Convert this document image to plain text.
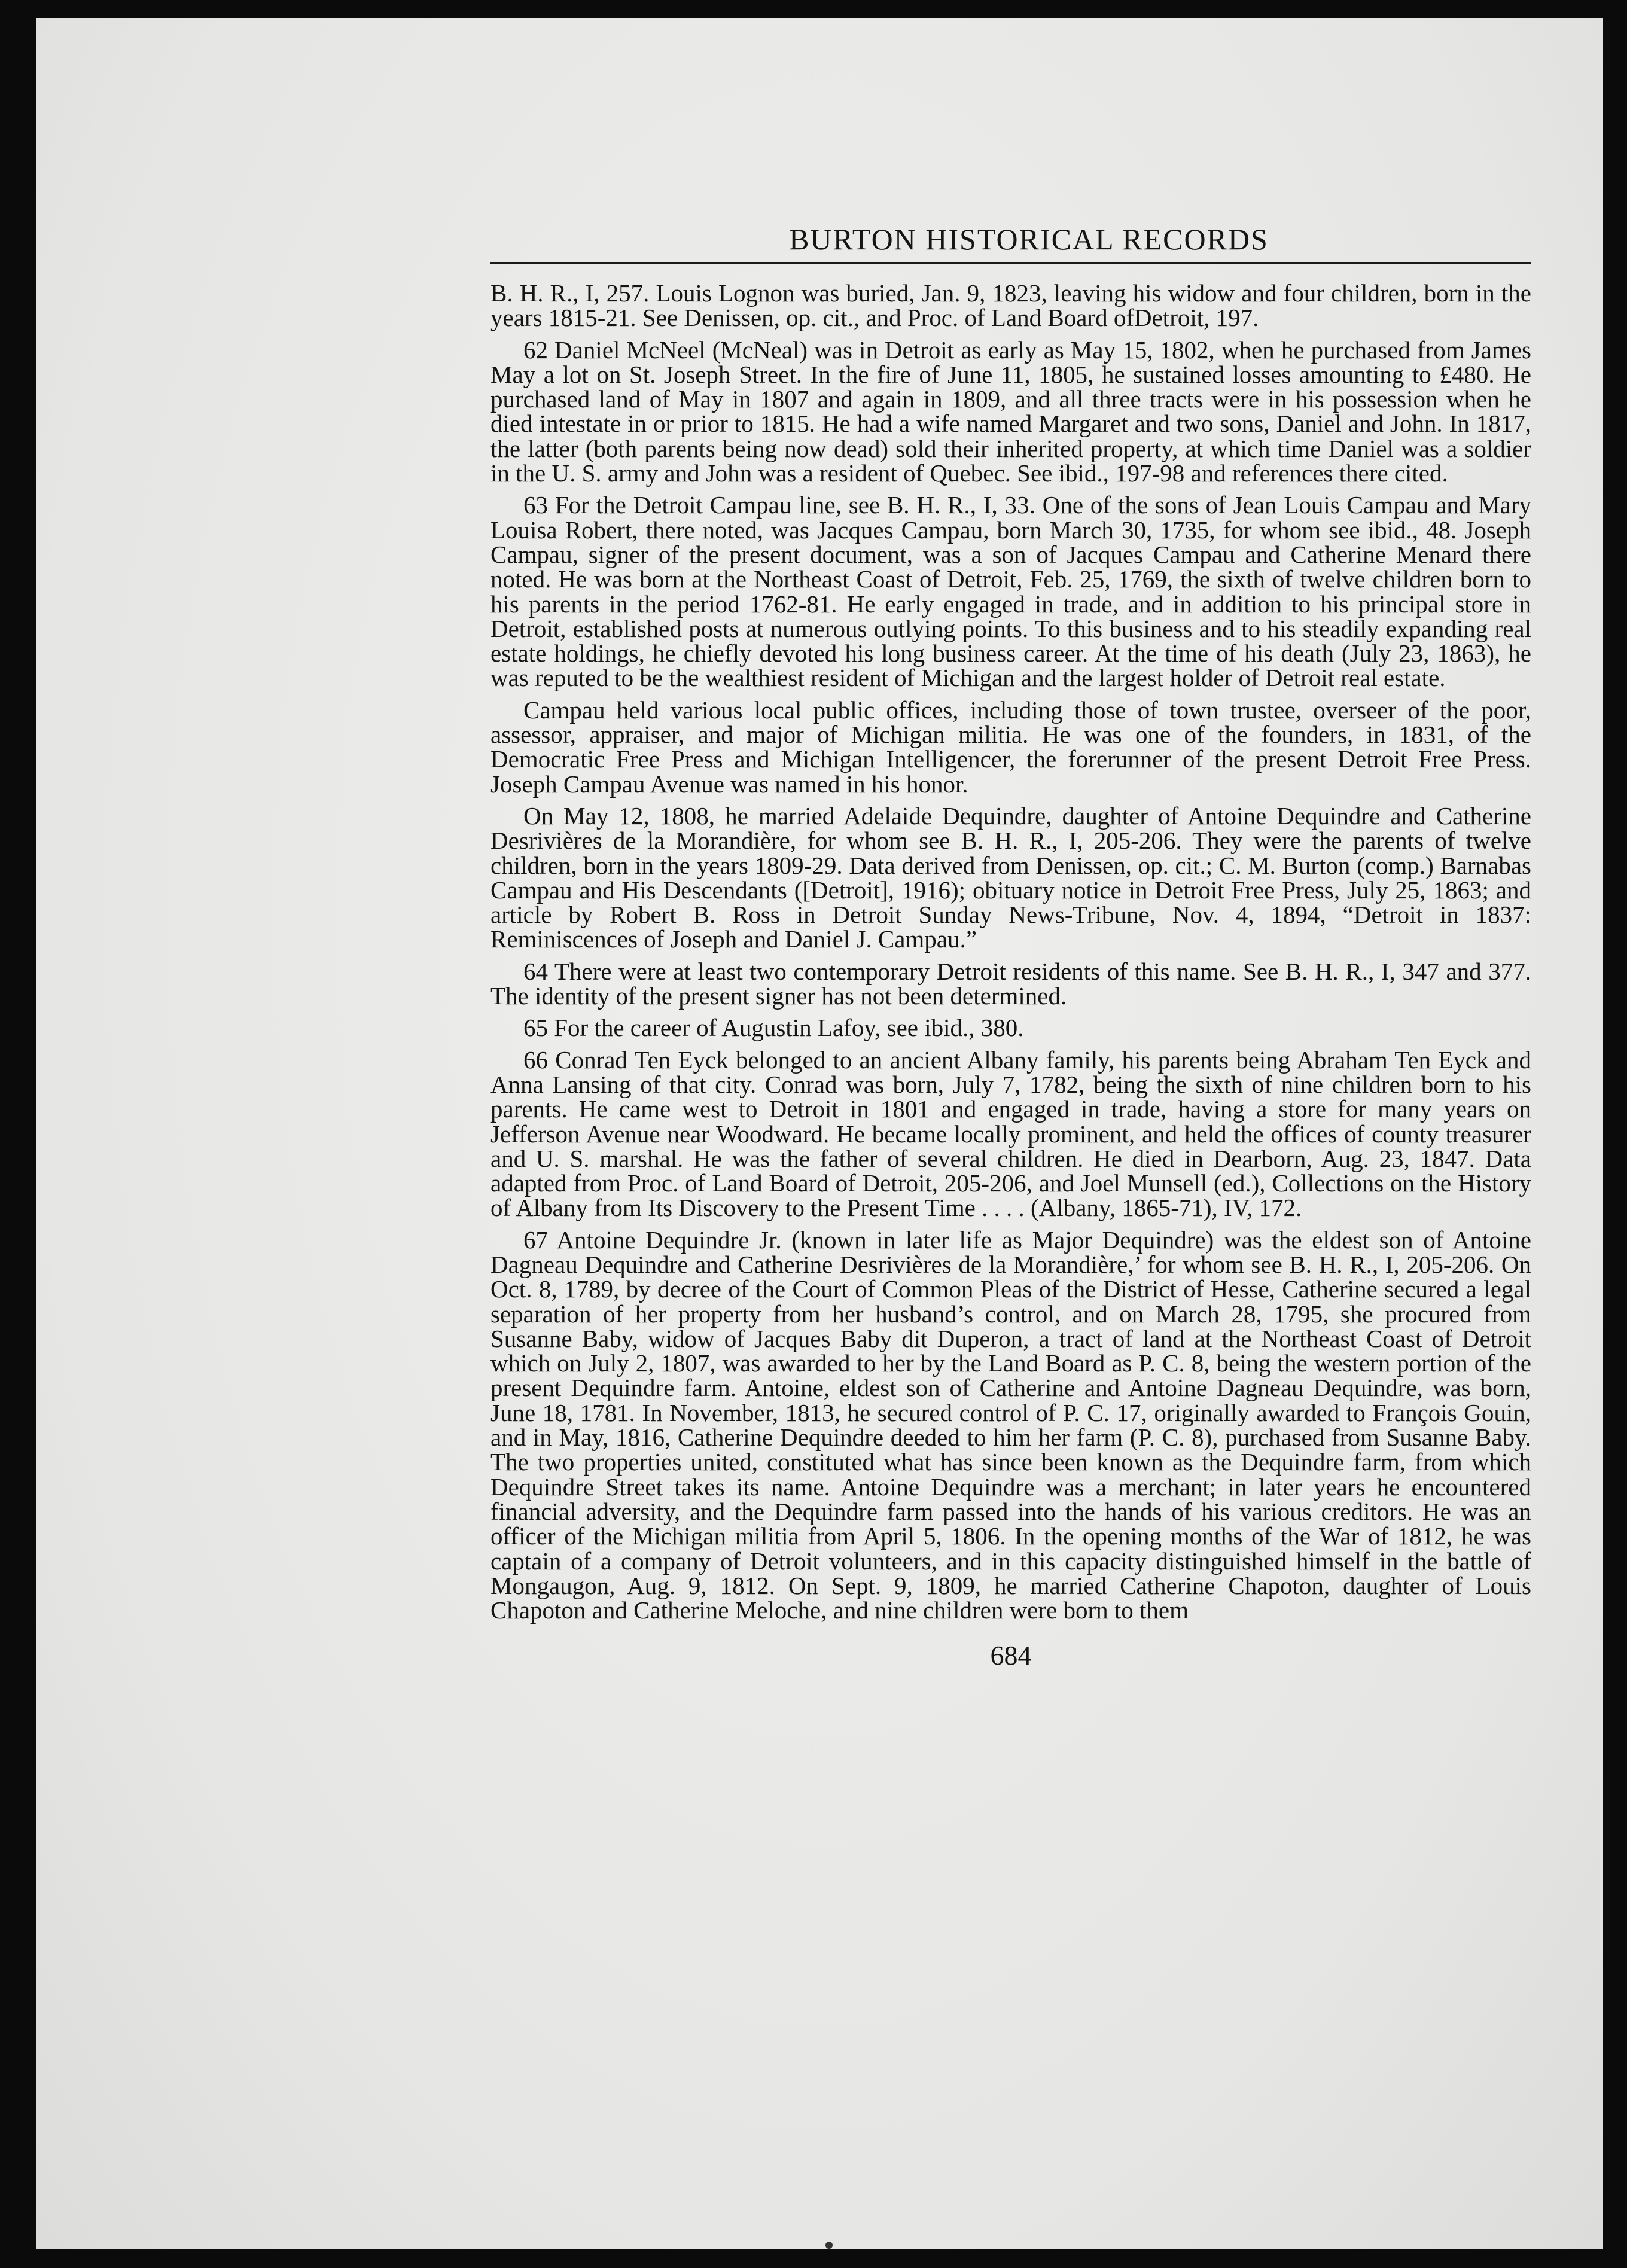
BURTON HISTORICAL RECORDS

B. H. R., I, 257. Louis Lognon was buried, Jan. 9, 1823, leaving his widow and four children, born in the years 1815-21. See Denissen, op. cit., and Proc. of Land Board ofDetroit, 197.

62 Daniel McNeel (McNeal) was in Detroit as early as May 15, 1802, when he purchased from James May a lot on St. Joseph Street. In the fire of June 11, 1805, he sustained losses amounting to £480. He purchased land of May in 1807 and again in 1809, and all three tracts were in his possession when he died intestate in or prior to 1815. He had a wife named Margaret and two sons, Daniel and John. In 1817, the latter (both parents being now dead) sold their inherited property, at which time Daniel was a soldier in the U. S. army and John was a resident of Quebec. See ibid., 197-98 and references there cited.

63 For the Detroit Campau line, see B. H. R., I, 33. One of the sons of Jean Louis Campau and Mary Louisa Robert, there noted, was Jacques Campau, born March 30, 1735, for whom see ibid., 48. Joseph Campau, signer of the present document, was a son of Jacques Campau and Catherine Menard there noted. He was born at the Northeast Coast of Detroit, Feb. 25, 1769, the sixth of twelve children born to his parents in the period 1762-81. He early engaged in trade, and in addition to his principal store in Detroit, established posts at numerous outlying points. To this business and to his steadily expanding real estate holdings, he chiefly devoted his long business career. At the time of his death (July 23, 1863), he was reputed to be the wealthiest resident of Michigan and the largest holder of Detroit real estate.

Campau held various local public offices, including those of town trustee, overseer of the poor, assessor, appraiser, and major of Michigan militia. He was one of the founders, in 1831, of the Democratic Free Press and Michigan Intelligencer, the forerunner of the present Detroit Free Press. Joseph Campau Avenue was named in his honor.

On May 12, 1808, he married Adelaide Dequindre, daughter of Antoine Dequindre and Catherine Desrivières de la Morandière, for whom see B. H. R., I, 205-206. They were the parents of twelve children, born in the years 1809-29. Data derived from Denissen, op. cit.; C. M. Burton (comp.) Barnabas Campau and His Descendants ([Detroit], 1916); obituary notice in Detroit Free Press, July 25, 1863; and article by Robert B. Ross in Detroit Sunday News-Tribune, Nov. 4, 1894, “Detroit in 1837: Reminiscences of Joseph and Daniel J. Campau.”

64 There were at least two contemporary Detroit residents of this name. See B. H. R., I, 347 and 377. The identity of the present signer has not been determined.

65 For the career of Augustin Lafoy, see ibid., 380.

66 Conrad Ten Eyck belonged to an ancient Albany family, his parents being Abraham Ten Eyck and Anna Lansing of that city. Conrad was born, July 7, 1782, being the sixth of nine children born to his parents. He came west to Detroit in 1801 and engaged in trade, having a store for many years on Jefferson Avenue near Woodward. He became locally prominent, and held the offices of county treasurer and U. S. marshal. He was the father of several children. He died in Dearborn, Aug. 23, 1847. Data adapted from Proc. of Land Board of Detroit, 205-206, and Joel Munsell (ed.), Collections on the History of Albany from Its Discovery to the Present Time . . . . (Albany, 1865-71), IV, 172.

67 Antoine Dequindre Jr. (known in later life as Major Dequindre) was the eldest son of Antoine Dagneau Dequindre and Catherine Desrivières de la Morandière,’ for whom see B. H. R., I, 205-206. On Oct. 8, 1789, by decree of the Court of Common Pleas of the District of Hesse, Catherine secured a legal separation of her property from her husband’s control, and on March 28, 1795, she procured from Susanne Baby, widow of Jacques Baby dit Duperon, a tract of land at the Northeast Coast of Detroit which on July 2, 1807, was awarded to her by the Land Board as P. C. 8, being the western portion of the present Dequindre farm. Antoine, eldest son of Catherine and Antoine Dagneau Dequindre, was born, June 18, 1781. In November, 1813, he secured control of P. C. 17, originally awarded to François Gouin, and in May, 1816, Catherine Dequindre deeded to him her farm (P. C. 8), purchased from Susanne Baby. The two properties united, constituted what has since been known as the Dequindre farm, from which Dequindre Street takes its name. Antoine Dequindre was a merchant; in later years he encountered financial adversity, and the Dequindre farm passed into the hands of his various creditors. He was an officer of the Michigan militia from April 5, 1806. In the opening months of the War of 1812, he was captain of a company of Detroit volunteers, and in this capacity distinguished himself in the battle of Mongaugon, Aug. 9, 1812. On Sept. 9, 1809, he married Catherine Chapoton, daughter of Louis Chapoton and Catherine Meloche, and nine children were born to them

684
